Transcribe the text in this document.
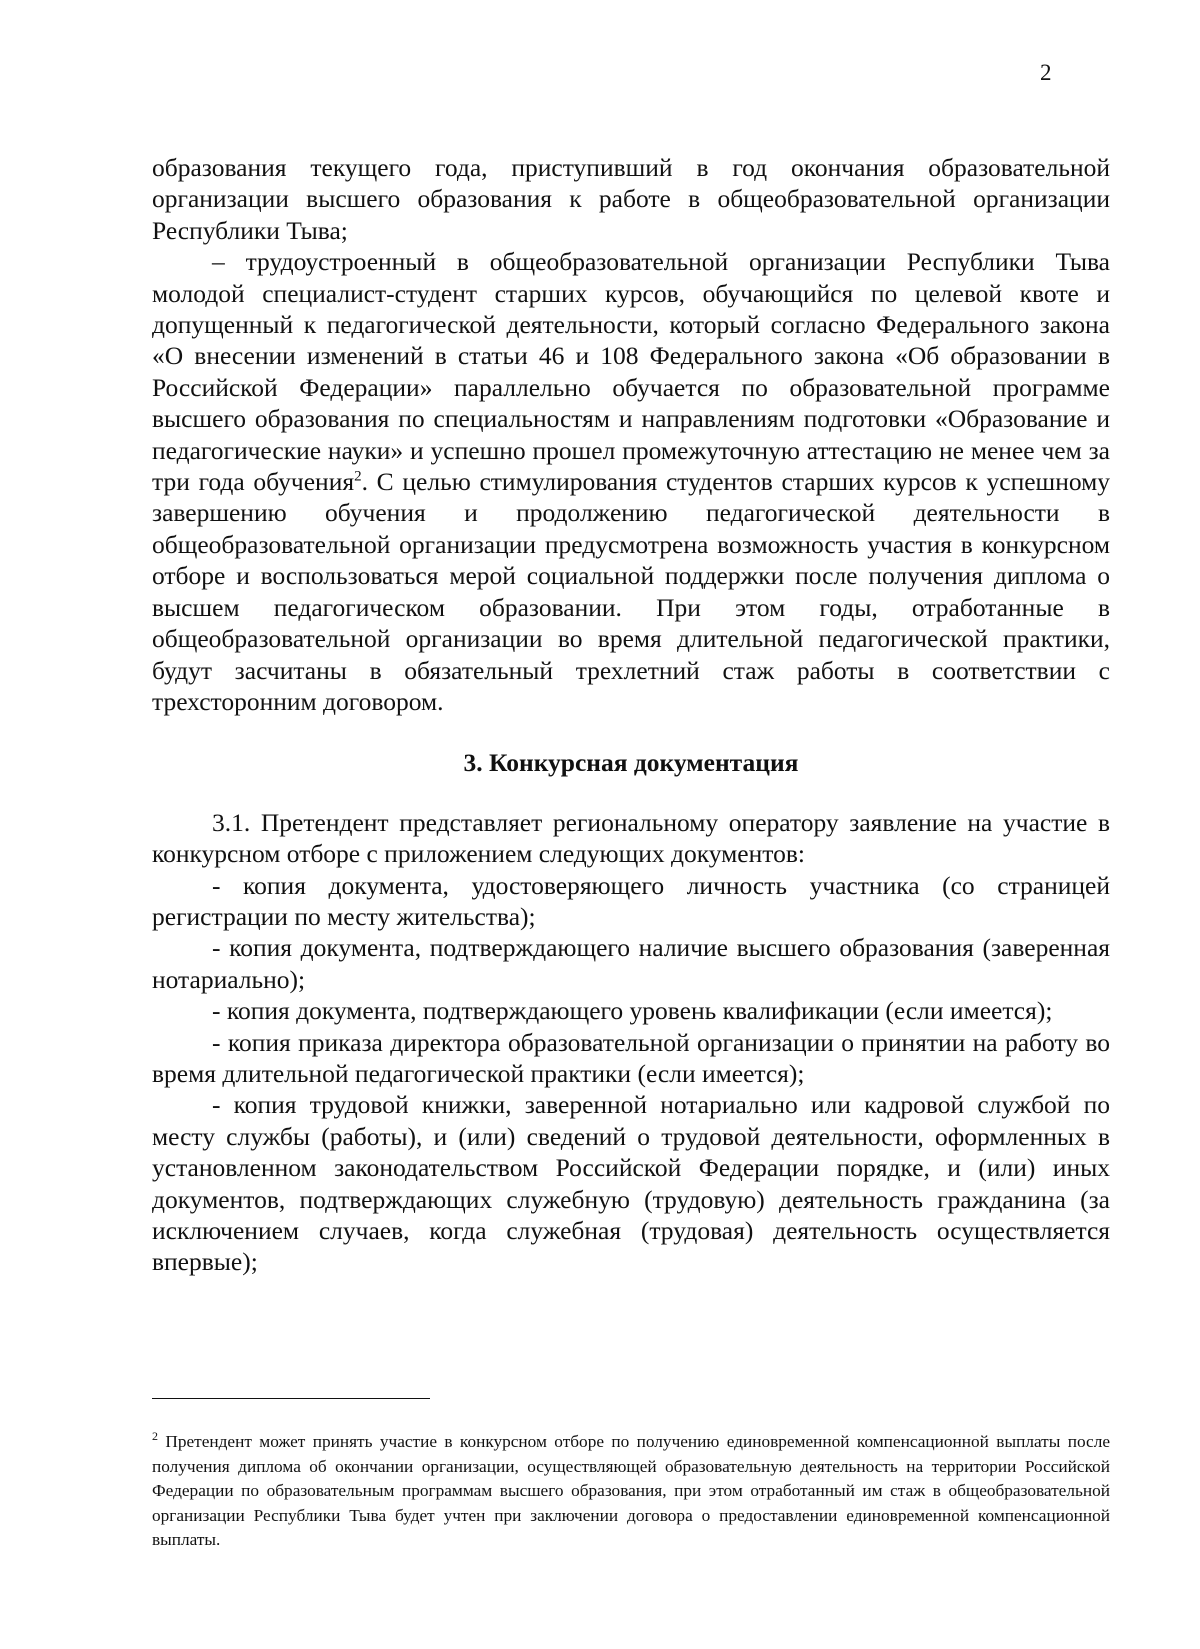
2

образования текущего года, приступивший в год окончания образовательной организации высшего образования к работе в общеобразовательной организации Республики Тыва;

– трудоустроенный в общеобразовательной организации Республики Тыва молодой специалист-студент старших курсов, обучающийся по целевой квоте и допущенный к педагогической деятельности, который согласно Федерального закона «О внесении изменений в статьи 46 и 108 Федерального закона «Об образовании в Российской Федерации» параллельно обучается по образовательной программе высшего образования по специальностям и направлениям подготовки «Образование и педагогические науки» и успешно прошел промежуточную аттестацию не менее чем за три года обучения$^2$. С целью стимулирования студентов старших курсов к успешному завершению обучения и продолжению педагогической деятельности в общеобразовательной организации предусмотрена возможность участия в конкурсном отборе и воспользоваться мерой социальной поддержки после получения диплома о высшем педагогическом образовании. При этом годы, отработанные в общеобразовательной организации во время длительной педагогической практики, будут засчитаны в обязательный трехлетний стаж работы в соответствии с трехсторонним договором.

3. Конкурсная документация

3.1. Претендент представляет региональному оператору заявление на участие в конкурсном отборе с приложением следующих документов:

- копия документа, удостоверяющего личность участника (со страницей регистрации по месту жительства);

- копия документа, подтверждающего наличие высшего образования (заверенная нотариально);

- копия документа, подтверждающего уровень квалификации (если имеется);

- копия приказа директора образовательной организации о принятии на работу во время длительной педагогической практики (если имеется);

- копия трудовой книжки, заверенной нотариально или кадровой службой по месту службы (работы), и (или) сведений о трудовой деятельности, оформленных в установленном законодательством Российской Федерации порядке, и (или) иных документов, подтверждающих служебную (трудовую) деятельность гражданина (за исключением случаев, когда служебная (трудовая) деятельность осуществляется впервые);

$^2$ Претендент может принять участие в конкурсном отборе по получению единовременной компенсационной выплаты после получения диплома об окончании организации, осуществляющей образовательную деятельность на территории Российской Федерации по образовательным программам высшего образования, при этом отработанный им стаж в общеобразовательной организации Республики Тыва будет учтен при заключении договора о предоставлении единовременной компенсационной выплаты.
